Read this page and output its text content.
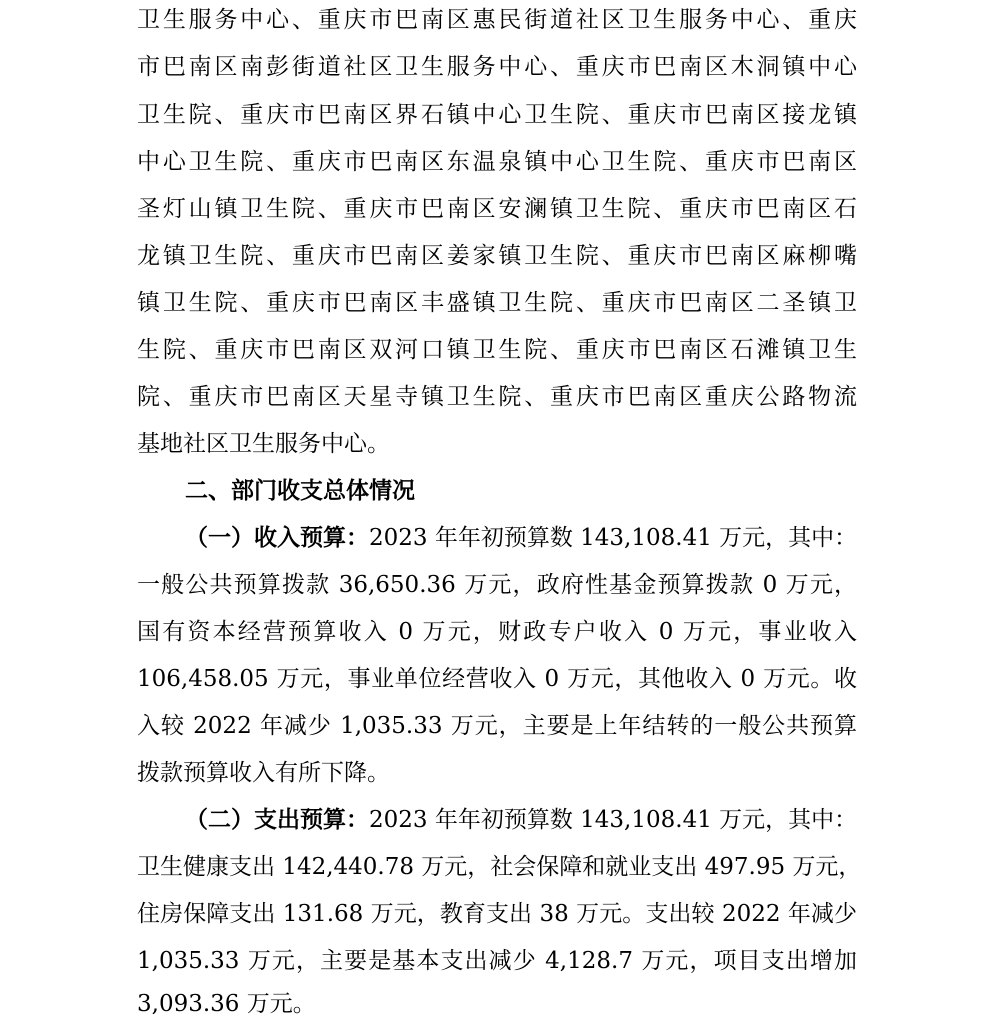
卫生服务中心、重庆市巴南区惠民街道社区卫生服务中心、重庆
市巴南区南彭街道社区卫生服务中心、重庆市巴南区木洞镇中心
卫生院、重庆市巴南区界石镇中心卫生院、重庆市巴南区接龙镇
中心卫生院、重庆市巴南区东温泉镇中心卫生院、重庆市巴南区
圣灯山镇卫生院、重庆市巴南区安澜镇卫生院、重庆市巴南区石
龙镇卫生院、重庆市巴南区姜家镇卫生院、重庆市巴南区麻柳嘴
镇卫生院、重庆市巴南区丰盛镇卫生院、重庆市巴南区二圣镇卫
生院、重庆市巴南区双河口镇卫生院、重庆市巴南区石滩镇卫生
院、重庆市巴南区天星寺镇卫生院、重庆市巴南区重庆公路物流
基地社区卫生服务中心。
二、部门收支总体情况
（一）收入预算：2023 年年初预算数 143,108.41 万元，其中：
一般公共预算拨款 36,650.36 万元，政府性基金预算拨款 0 万元，
国有资本经营预算收入 0 万元，财政专户收入 0 万元，事业收入
106,458.05 万元，事业单位经营收入 0 万元，其他收入 0 万元。收
入较 2022 年减少 1,035.33 万元，主要是上年结转的一般公共预算
拨款预算收入有所下降。
（二）支出预算：2023 年年初预算数 143,108.41 万元，其中：
卫生健康支出 142,440.78 万元，社会保障和就业支出 497.95 万元，
住房保障支出 131.68 万元，教育支出 38 万元。支出较 2022 年减少
1,035.33 万元，主要是基本支出减少 4,128.7 万元，项目支出增加
3,093.36 万元。
